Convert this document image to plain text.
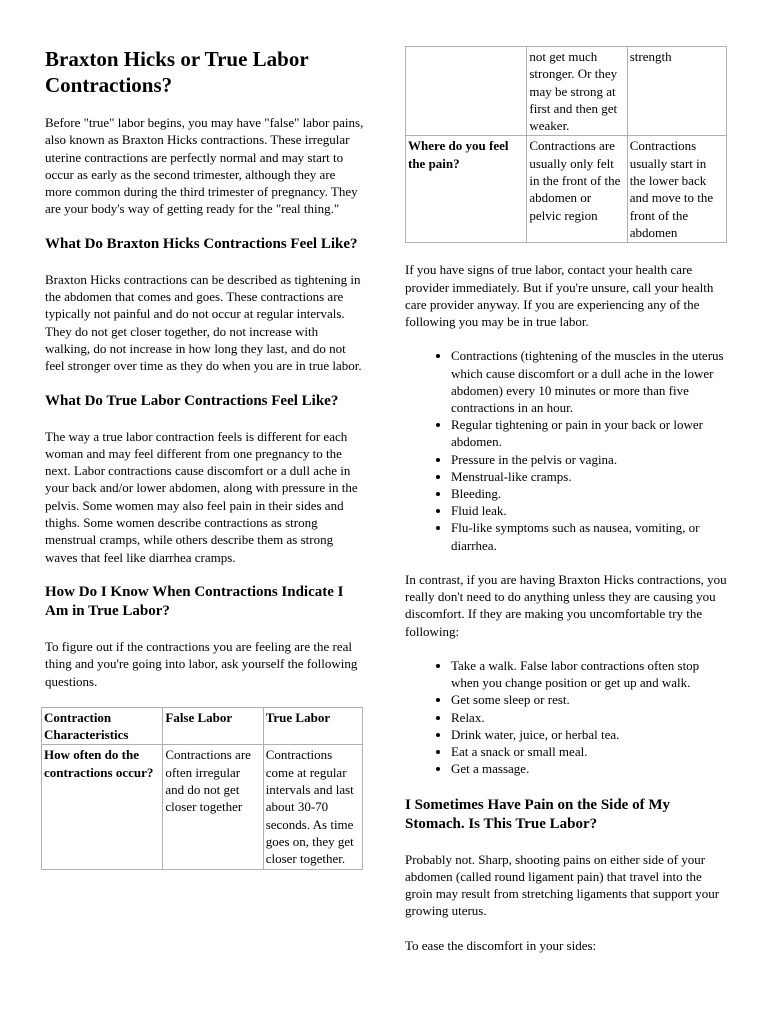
Braxton Hicks or True Labor Contractions?

Before "true" labor begins, you may have "false" labor pains, also known as Braxton Hicks contractions. These irregular uterine contractions are perfectly normal and may start to occur as early as the second trimester, although they are more common during the third trimester of pregnancy. They are your body's way of getting ready for the "real thing."

What Do Braxton Hicks Contractions Feel Like?

Braxton Hicks contractions can be described as tightening in the abdomen that comes and goes. These contractions are typically not painful and do not occur at regular intervals. They do not get closer together, do not increase with walking, do not increase in how long they last, and do not feel stronger over time as they do when you are in true labor.

What Do True Labor Contractions Feel Like?

The way a true labor contraction feels is different for each woman and may feel different from one pregnancy to the next. Labor contractions cause discomfort or a dull ache in your back and/or lower abdomen, along with pressure in the pelvis. Some women may also feel pain in their sides and thighs. Some women describe contractions as strong menstrual cramps, while others describe them as strong waves that feel like diarrhea cramps.

How Do I Know When Contractions Indicate I Am in True Labor?

To figure out if the contractions you are feeling are the real thing and you're going into labor, ask yourself the following questions.

Contraction Characteristics	False Labor	True Labor
How often do the contractions occur?	Contractions are often irregular and do not get closer together	Contractions come at regular intervals and last about 30-70 seconds. As time goes on, they get closer together.
	not get much stronger. Or they may be strong at first and then get weaker.	strength
Where do you feel the pain?	Contractions are usually only felt in the front of the abdomen or pelvic region	Contractions usually start in the lower back and move to the front of the abdomen

If you have signs of true labor, contact your health care provider immediately. But if you're unsure, call your health care provider anyway. If you are experiencing any of the following you may be in true labor.

• Contractions (tightening of the muscles in the uterus which cause discomfort or a dull ache in the lower abdomen) every 10 minutes or more than five contractions in an hour.
• Regular tightening or pain in your back or lower abdomen.
• Pressure in the pelvis or vagina.
• Menstrual-like cramps.
• Bleeding.
• Fluid leak.
• Flu-like symptoms such as nausea, vomiting, or diarrhea.

In contrast, if you are having Braxton Hicks contractions, you really don't need to do anything unless they are causing you discomfort. If they are making you uncomfortable try the following:

• Take a walk. False labor contractions often stop when you change position or get up and walk.
• Get some sleep or rest.
• Relax.
• Drink water, juice, or herbal tea.
• Eat a snack or small meal.
• Get a massage.
I Sometimes Have Pain on the Side of My Stomach. Is This True Labor?

Probably not. Sharp, shooting pains on either side of your abdomen (called round ligament pain) that travel into the groin may result from stretching ligaments that support your growing uterus.

To ease the discomfort in your sides:
